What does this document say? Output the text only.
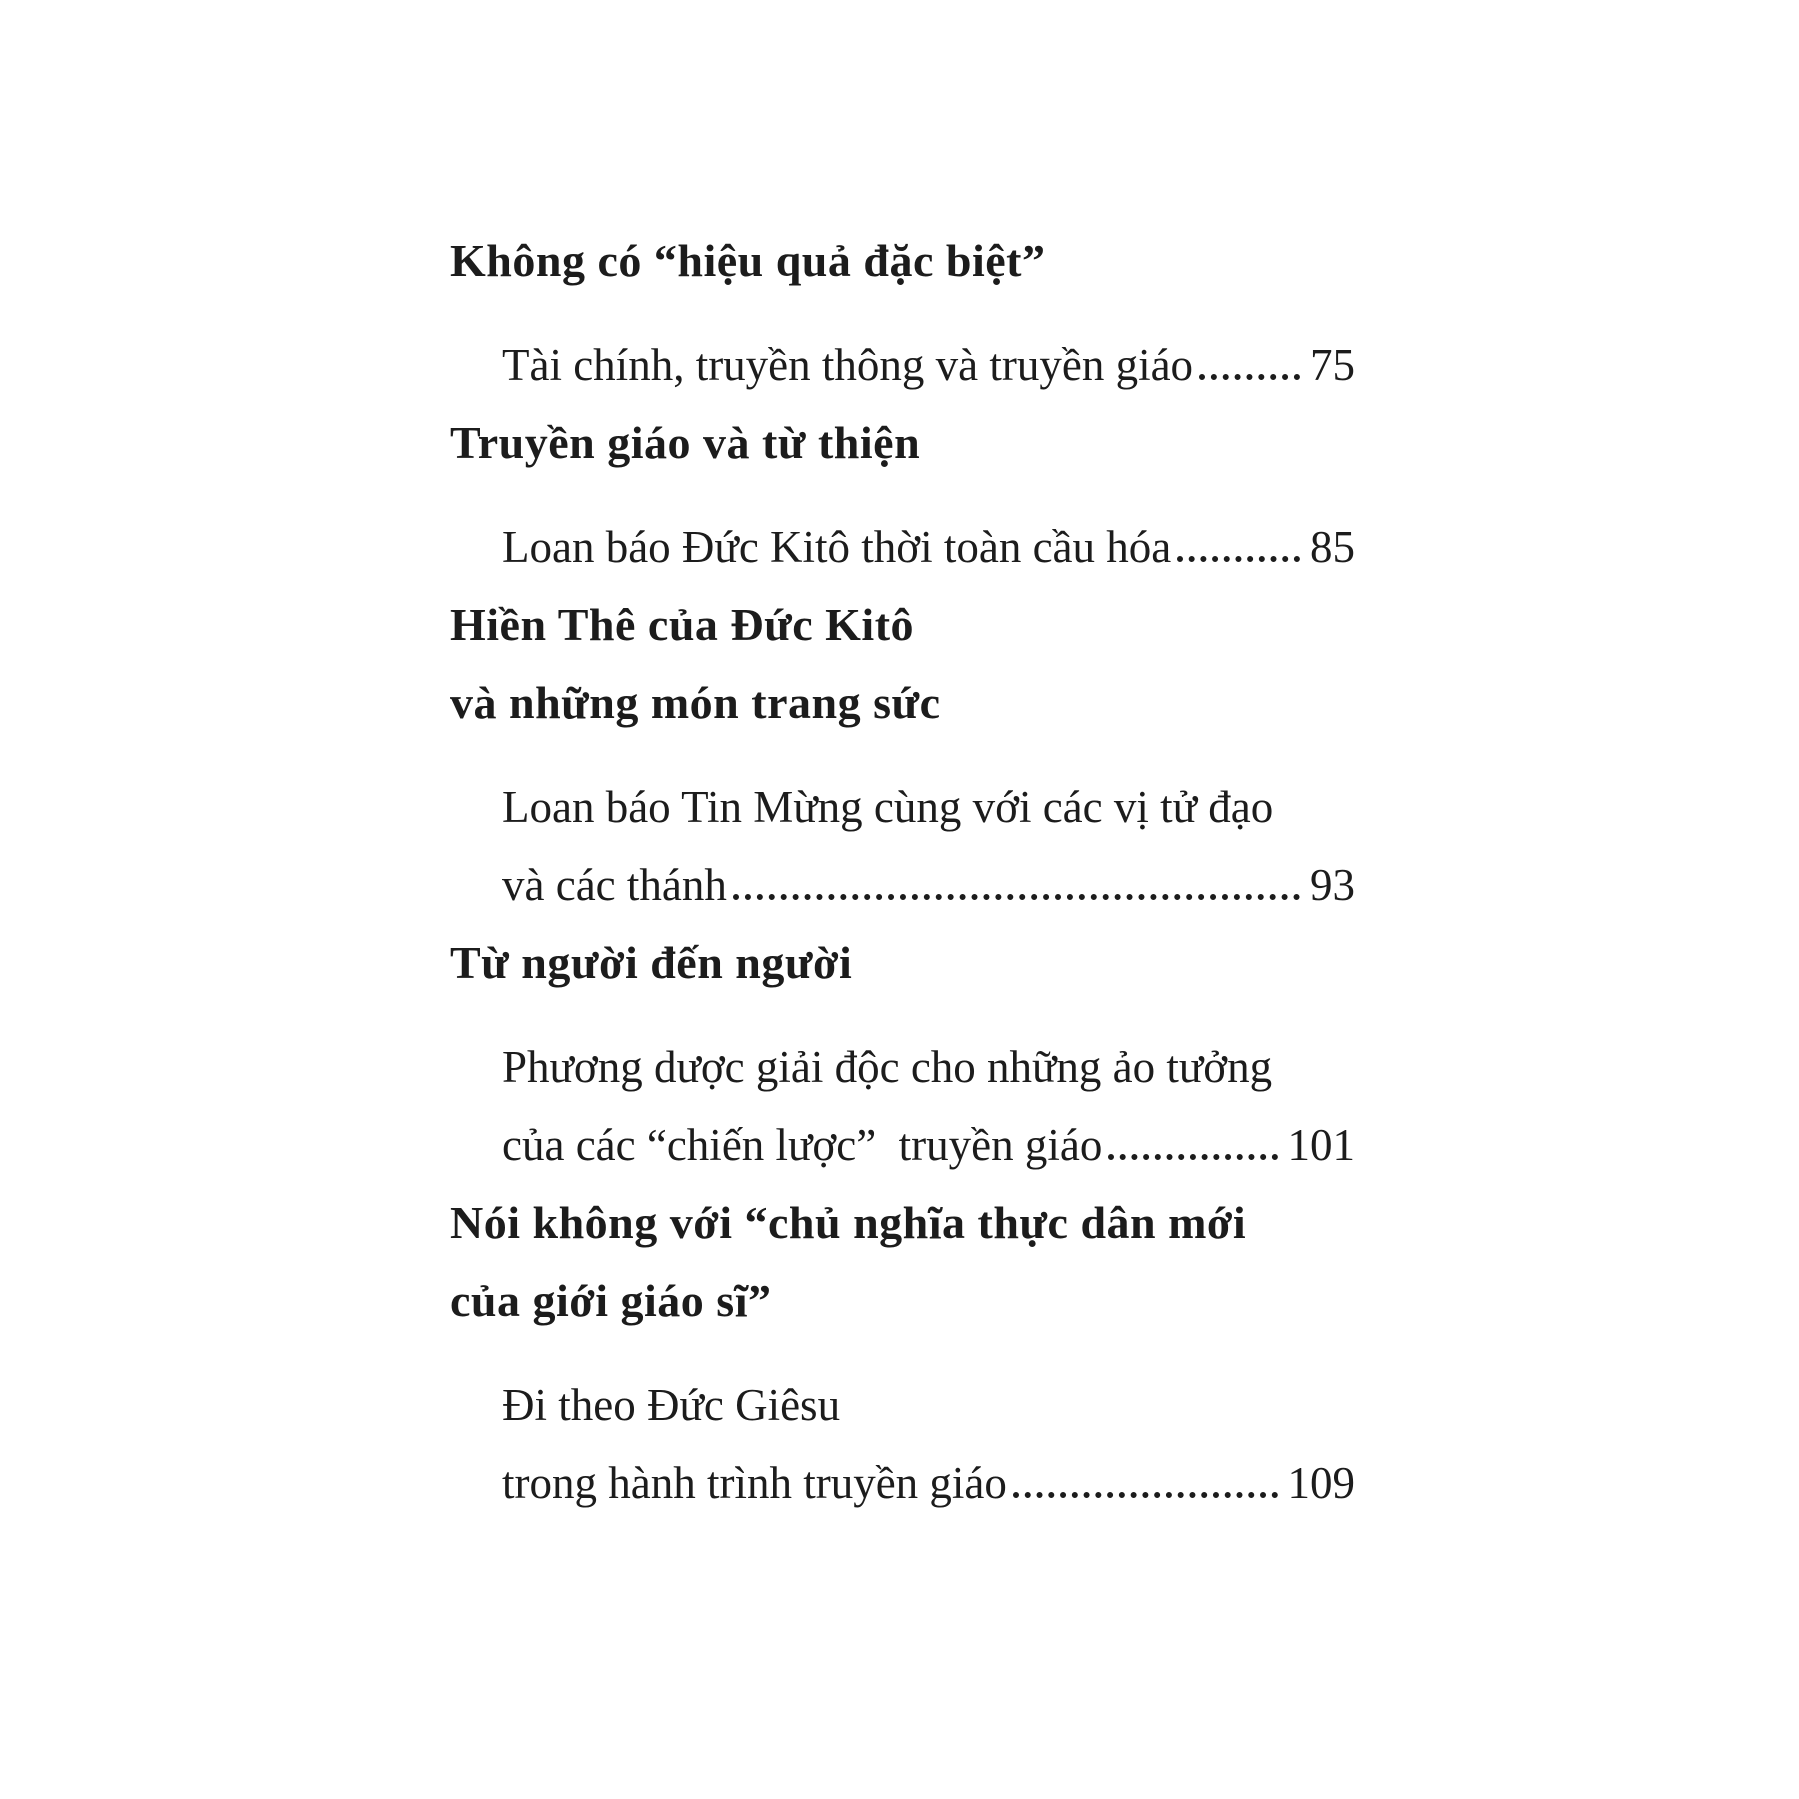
Không có “hiệu quả đặc biệt”
Tài chính, truyền thông và truyền giáo	75
Truyền giáo và từ thiện
Loan báo Đức Kitô thời toàn cầu hóa	85
Hiền Thê của Đức Kitô
và những món trang sức
Loan báo Tin Mừng cùng với các vị tử đạo
và các thánh	93
Từ người đến người
Phương dược giải độc cho những ảo tưởng
của các “chiến lược”  truyền giáo	101
Nói không với “chủ nghĩa thực dân mới
của giới giáo sĩ”
Đi theo Đức Giêsu
trong hành trình truyền giáo	109
